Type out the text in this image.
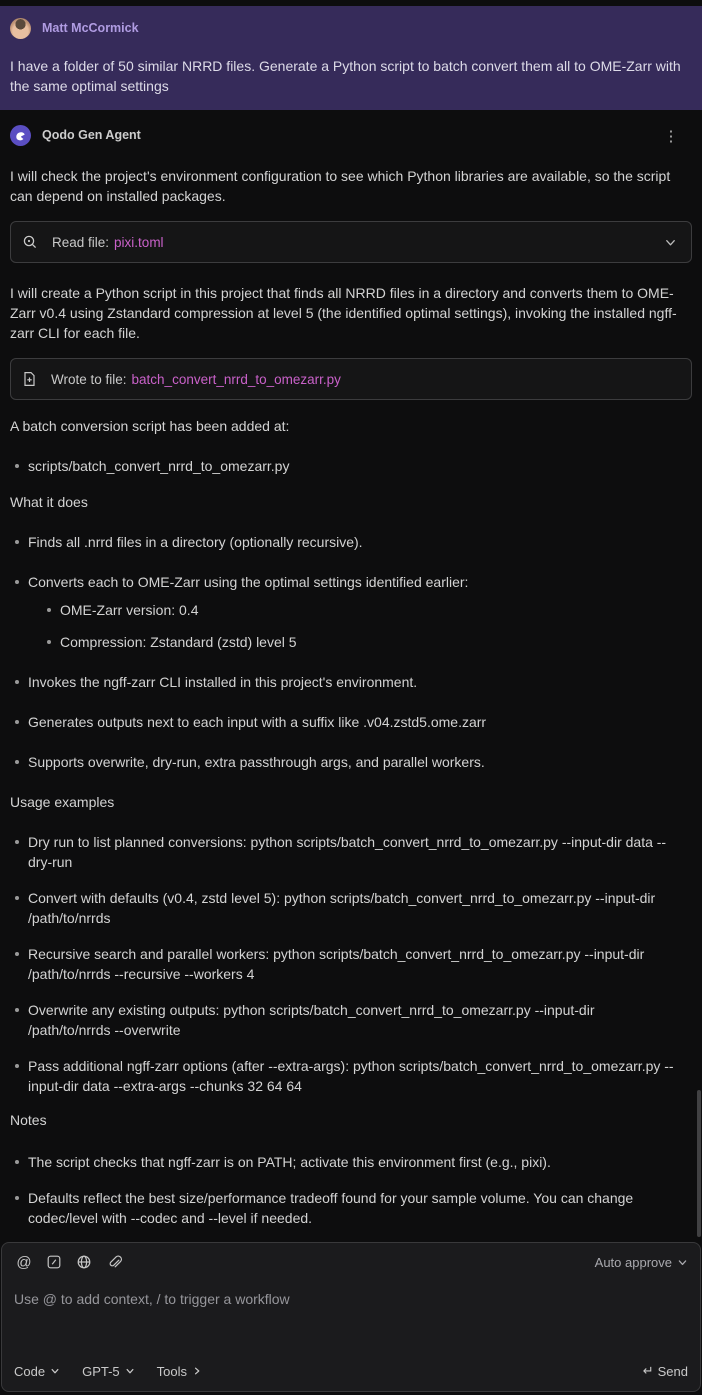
Matt McCormick
I have a folder of 50 similar NRRD files. Generate a Python script to batch convert them all to OME-Zarr with the same optimal settings
Qodo Gen Agent	⋮
I will check the project's environment configuration to see which Python libraries are available, so the script can depend on installed packages.
Read file: pixi.toml
I will create a Python script in this project that finds all NRRD files in a directory and converts them to OME-Zarr v0.4 using Zstandard compression at level 5 (the identified optimal settings), invoking the installed ngff-zarr CLI for each file.
Wrote to file: batch_convert_nrrd_to_omezarr.py
A batch conversion script has been added at:
scripts/batch_convert_nrrd_to_omezarr.py
What it does
Finds all .nrrd files in a directory (optionally recursive).
Converts each to OME-Zarr using the optimal settings identified earlier:
OME-Zarr version: 0.4
Compression: Zstandard (zstd) level 5
Invokes the ngff-zarr CLI installed in this project's environment.
Generates outputs next to each input with a suffix like .v04.zstd5.ome.zarr
Supports overwrite, dry-run, extra passthrough args, and parallel workers.
Usage examples
Dry run to list planned conversions: python scripts/batch_convert_nrrd_to_omezarr.py --input-dir data --dry-run
Convert with defaults (v0.4, zstd level 5): python scripts/batch_convert_nrrd_to_omezarr.py --input-dir /path/to/nrrds
Recursive search and parallel workers: python scripts/batch_convert_nrrd_to_omezarr.py --input-dir /path/to/nrrds --recursive --workers 4
Overwrite any existing outputs: python scripts/batch_convert_nrrd_to_omezarr.py --input-dir /path/to/nrrds --overwrite
Pass additional ngff-zarr options (after --extra-args): python scripts/batch_convert_nrrd_to_omezarr.py --input-dir data --extra-args --chunks 32 64 64
Notes
The script checks that ngff-zarr is on PATH; activate this environment first (e.g., pixi).
Defaults reflect the best size/performance tradeoff found for your sample volume. You can change codec/level with --codec and --level if needed.
@	Auto approve
Use @ to add context, / to trigger a workflow
Code	GPT-5	Tools	↵ Send
